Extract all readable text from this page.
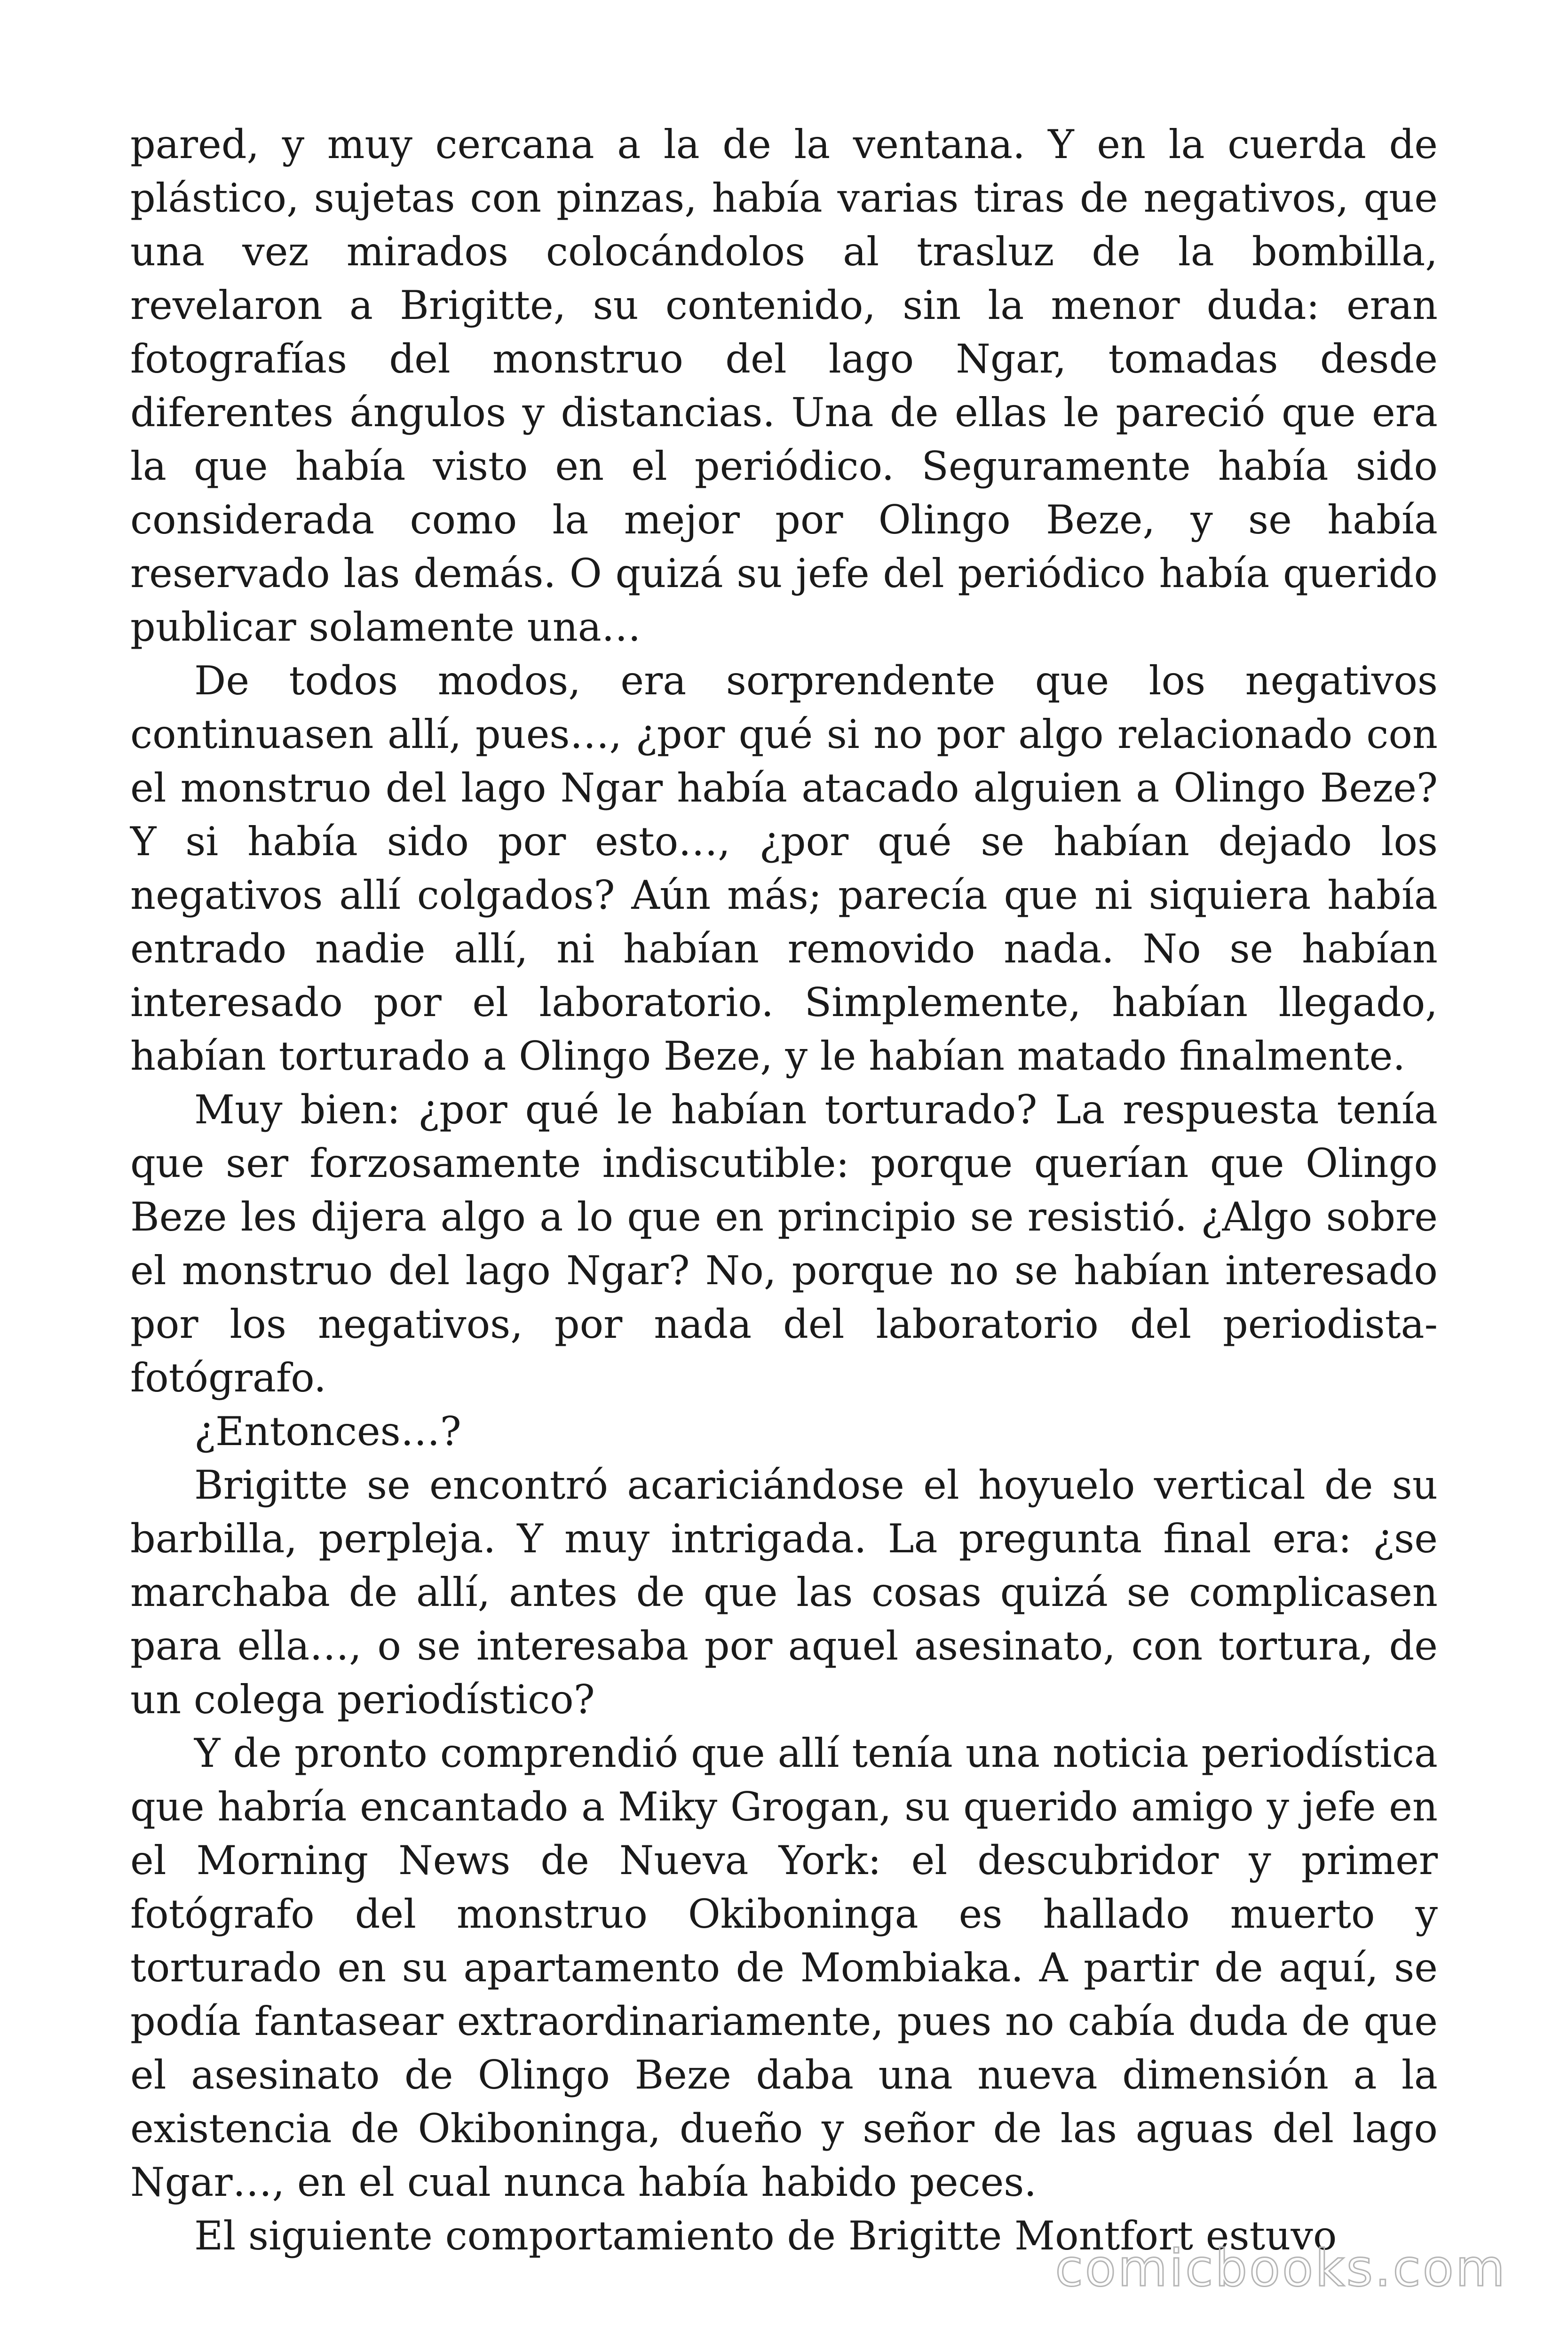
pared, y muy cercana a la de la ventana. Y en la cuerda de plástico, sujetas con pinzas, había varias tiras de negativos, que una vez mirados colocándolos al trasluz de la bombilla, revelaron a Brigitte, su contenido, sin la menor duda: eran fotografías del monstruo del lago Ngar, tomadas desde diferentes ángulos y distancias. Una de ellas le pareció que era la que había visto en el periódico. Seguramente había sido considerada como la mejor por Olingo Beze, y se había reservado las demás. O quizá su jefe del periódico había querido publicar solamente una…

De todos modos, era sorprendente que los negativos continuasen allí, pues…, ¿por qué si no por algo relacionado con el monstruo del lago Ngar había atacado alguien a Olingo Beze? Y si había sido por esto…, ¿por qué se habían dejado los negativos allí colgados? Aún más; parecía que ni siquiera había entrado nadie allí, ni habían removido nada. No se habían interesado por el laboratorio. Simplemente, habían llegado, habían torturado a Olingo Beze, y le habían matado finalmente.

Muy bien: ¿por qué le habían torturado? La respuesta tenía que ser forzosamente indiscutible: porque querían que Olingo Beze les dijera algo a lo que en principio se resistió. ¿Algo sobre el monstruo del lago Ngar? No, porque no se habían interesado por los negativos, por nada del laboratorio del periodista-fotógrafo.

¿Entonces…?

Brigitte se encontró acariciándose el hoyuelo vertical de su barbilla, perpleja. Y muy intrigada. La pregunta final era: ¿se marchaba de allí, antes de que las cosas quizá se complicasen para ella…, o se interesaba por aquel asesinato, con tortura, de un colega periodístico?

Y de pronto comprendió que allí tenía una noticia periodística que habría encantado a Miky Grogan, su querido amigo y jefe en el Morning News de Nueva York: el descubridor y primer fotógrafo del monstruo Okiboninga es hallado muerto y torturado en su apartamento de Mombiaka. A partir de aquí, se podía fantasear extraordinariamente, pues no cabía duda de que el asesinato de Olingo Beze daba una nueva dimensión a la existencia de Okiboninga, dueño y señor de las aguas del lago Ngar…, en el cual nunca había habido peces.

El siguiente comportamiento de Brigitte Montfort estuvo

comicbooks.com
